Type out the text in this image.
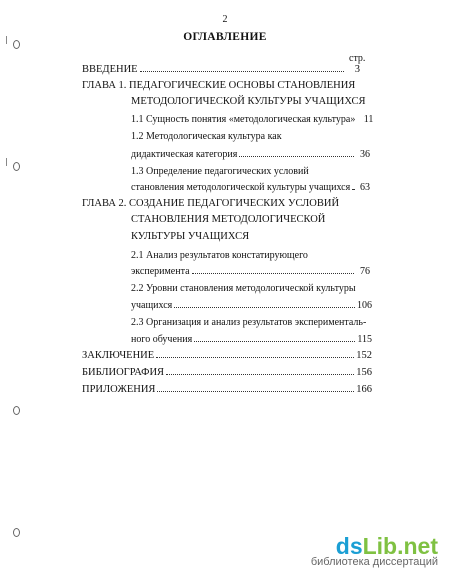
2
ОГЛАВЛЕНИЕ
стр.
ВВЕДЕНИЕ	3
ГЛАВА 1. ПЕДАГОГИЧЕСКИЕ ОСНОВЫ СТАНОВЛЕНИЯ
МЕТОДОЛОГИЧЕСКОЙ КУЛЬТУРЫ УЧАЩИХСЯ
1.1 Сущность понятия «методологическая культура» 11
1.2 Методологическая культура как
дидактическая категория	36
1.3 Определение педагогических условий
становления методологической культуры учащихся 63
ГЛАВА 2. СОЗДАНИЕ ПЕДАГОГИЧЕСКИХ УСЛОВИЙ
СТАНОВЛЕНИЯ МЕТОДОЛОГИЧЕСКОЙ
КУЛЬТУРЫ УЧАЩИХСЯ
2.1 Анализ результатов констатирующего
эксперимента	76
2.2 Уровни становления методологической культуры
учащихся	106
2.3 Организация и анализ результатов эксперименталь-
ного обучения	115
ЗАКЛЮЧЕНИЕ	152
БИБЛИОГРАФИЯ	156
ПРИЛОЖЕНИЯ	166
dsLib.net
библиотека диссертаций
